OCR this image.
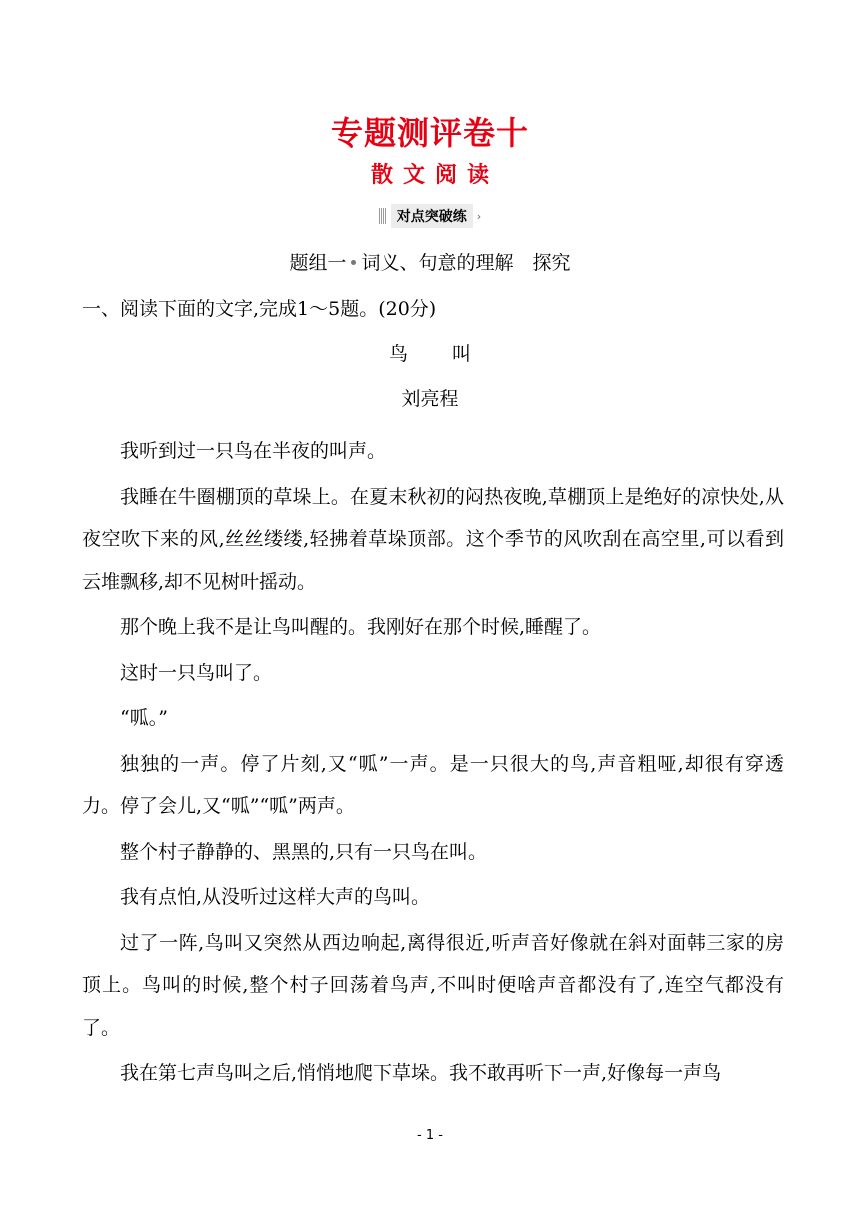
专题测评卷十
散文阅读
对点突破练 ›
题组一 词义、句意的理解　探究
一、阅读下面的文字,完成1～5题。(20分)
鸟叫
刘亮程

我听到过一只鸟在半夜的叫声。

我睡在牛圈棚顶的草垛上。在夏末秋初的闷热夜晚,草棚顶上是绝好的凉快处,从夜空吹下来的风,丝丝缕缕,轻拂着草垛顶部。这个季节的风吹刮在高空里,可以看到云堆飘移,却不见树叶摇动。

那个晚上我不是让鸟叫醒的。我刚好在那个时候,睡醒了。

这时一只鸟叫了。

“呱。”

独独的一声。停了片刻,又“呱”一声。是一只很大的鸟,声音粗哑,却很有穿透力。停了会儿,又“呱”“呱”两声。

整个村子静静的、黑黑的,只有一只鸟在叫。

我有点怕,从没听过这样大声的鸟叫。

过了一阵,鸟叫又突然从西边响起,离得很近,听声音好像就在斜对面韩三家的房顶上。鸟叫的时候,整个村子回荡着鸟声,不叫时便啥声音都没有了,连空气都没有了。

我在第七声鸟叫之后,悄悄地爬下草垛。我不敢再听下一声,好像每一声鸟

- 1 -
